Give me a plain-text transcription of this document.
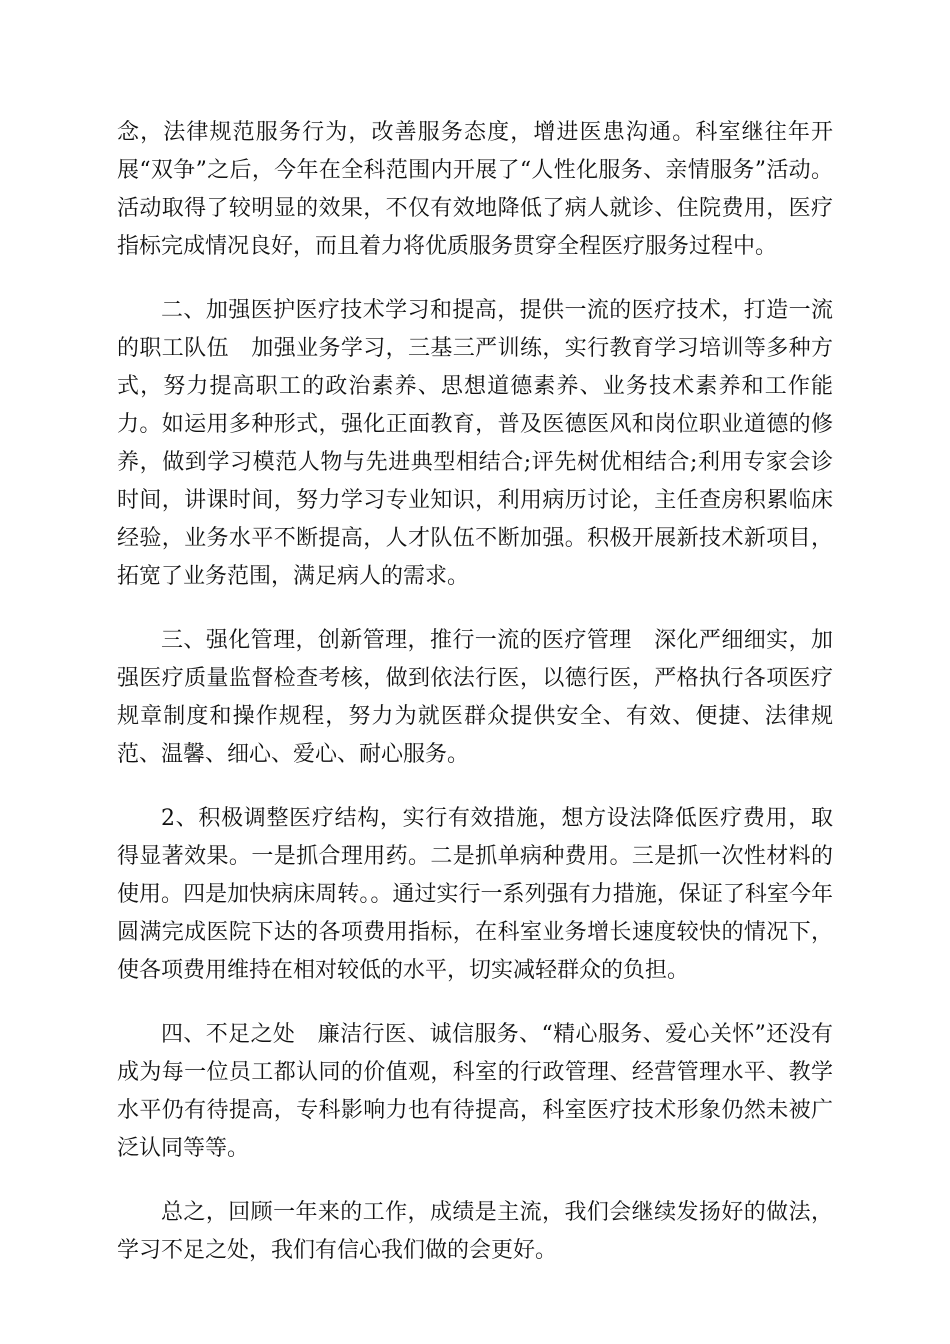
念，法律规范服务行为，改善服务态度，增进医患沟通。科室继往年开展“双争”之后，今年在全科范围内开展了“人性化服务、亲情服务”活动。活动取得了较明显的效果，不仅有效地降低了病人就诊、住院费用，医疗指标完成情况良好，而且着力将优质服务贯穿全程医疗服务过程中。

二、加强医护医疗技术学习和提高，提供一流的医疗技术，打造一流的职工队伍　加强业务学习，三基三严训练，实行教育学习培训等多种方式，努力提高职工的政治素养、思想道德素养、业务技术素养和工作能力。如运用多种形式，强化正面教育，普及医德医风和岗位职业道德的修养，做到学习模范人物与先进典型相结合;评先树优相结合;利用专家会诊时间，讲课时间，努力学习专业知识，利用病历讨论，主任查房积累临床经验，业务水平不断提高，人才队伍不断加强。积极开展新技术新项目，拓宽了业务范围，满足病人的需求。

三、强化管理，创新管理，推行一流的医疗管理　深化严细细实，加强医疗质量监督检查考核，做到依法行医，以德行医，严格执行各项医疗规章制度和操作规程，努力为就医群众提供安全、有效、便捷、法律规范、温馨、细心、爱心、耐心服务。

2、积极调整医疗结构，实行有效措施，想方设法降低医疗费用，取得显著效果。一是抓合理用药。二是抓单病种费用。三是抓一次性材料的使用。四是加快病床周转。。通过实行一系列强有力措施，保证了科室今年圆满完成医院下达的各项费用指标，在科室业务增长速度较快的情况下，使各项费用维持在相对较低的水平，切实减轻群众的负担。

四、不足之处　廉洁行医、诚信服务、“精心服务、爱心关怀”还没有成为每一位员工都认同的价值观，科室的行政管理、经营管理水平、教学水平仍有待提高，专科影响力也有待提高，科室医疗技术形象仍然未被广泛认同等等。

总之，回顾一年来的工作，成绩是主流，我们会继续发扬好的做法，学习不足之处，我们有信心我们做的会更好。
